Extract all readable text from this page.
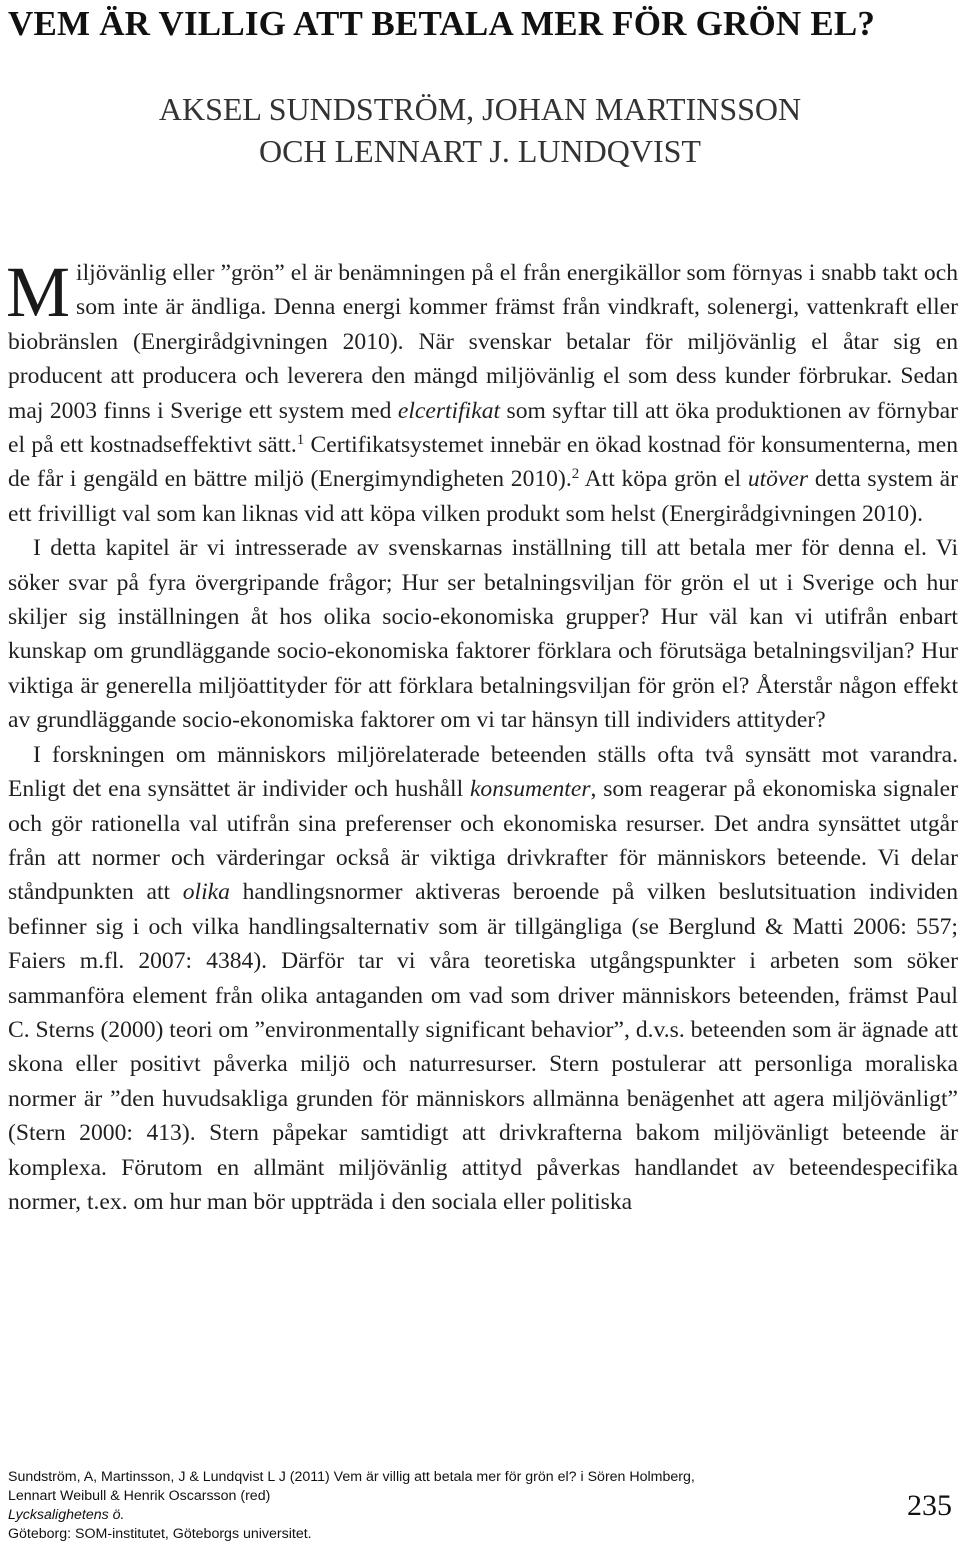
VEM ÄR VILLIG ATT BETALA MER FÖR GRÖN EL?
AKSEL SUNDSTRÖM, JOHAN MARTINSSON
OCH LENNART J. LUNDQVIST

Miljövänlig eller ”grön” el är benämningen på el från energikällor som förnyas i snabb takt och som inte är ändliga. Denna energi kommer främst från vindkraft, solenergi, vattenkraft eller biobränslen (Energirådgivningen 2010). När svenskar betalar för miljövänlig el åtar sig en producent att producera och leverera den mängd miljövänlig el som dess kunder förbrukar. Sedan maj 2003 finns i Sverige ett system med elcertifikat som syftar till att öka produktionen av förnybar el på ett kostnadseffektivt sätt.$^1$ Certifikatsystemet innebär en ökad kostnad för konsumenterna, men de får i gengäld en bättre miljö (Energimyndigheten 2010).$^2$ Att köpa grön el utöver detta system är ett frivilligt val som kan liknas vid att köpa vilken produkt som helst (Energirådgivningen 2010).

I detta kapitel är vi intresserade av svenskarnas inställning till att betala mer för denna el. Vi söker svar på fyra övergripande frågor; Hur ser betalningsviljan för grön el ut i Sverige och hur skiljer sig inställningen åt hos olika socio-ekonomiska grupper? Hur väl kan vi utifrån enbart kunskap om grundläggande socio-ekonomiska faktorer förklara och förutsäga betalningsviljan? Hur viktiga är generella miljöattityder för att förklara betalningsviljan för grön el? Återstår någon effekt av grundläggande socio-ekonomiska faktorer om vi tar hänsyn till individers attityder?

I forskningen om människors miljörelaterade beteenden ställs ofta två synsätt mot varandra. Enligt det ena synsättet är individer och hushåll konsumenter, som reagerar på ekonomiska signaler och gör rationella val utifrån sina preferenser och ekonomiska resurser. Det andra synsättet utgår från att normer och värderingar också är viktiga drivkrafter för människors beteende. Vi delar ståndpunkten att olika handlingsnormer aktiveras beroende på vilken beslutsituation individen befinner sig i och vilka handlingsalternativ som är tillgängliga (se Berglund & Matti 2006: 557; Faiers m.fl. 2007: 4384). Därför tar vi våra teoretiska utgångspunkter i arbeten som söker sammanföra element från olika antaganden om vad som driver människors beteenden, främst Paul C. Sterns (2000) teori om ”environmentally significant behavior”, d.v.s. beteenden som är ägnade att skona eller positivt påverka miljö och naturresurser. Stern postulerar att personliga moraliska normer är ”den huvudsakliga grunden för människors allmänna benägenhet att agera miljövänligt” (Stern 2000: 413). Stern påpekar samtidigt att drivkrafterna bakom miljövänligt beteende är komplexa. Förutom en allmänt miljövänlig attityd påverkas handlandet av beteendespecifika normer, t.ex. om hur man bör uppträda i den sociala eller politiska

Sundström, A, Martinsson, J & Lundqvist L J (2011) Vem är villig att betala mer för grön el? i Sören Holmberg,
Lennart Weibull & Henrik Oscarsson (red)
Lycksalighetens ö.
Göteborg: SOM-institutet, Göteborgs universitet.
235
